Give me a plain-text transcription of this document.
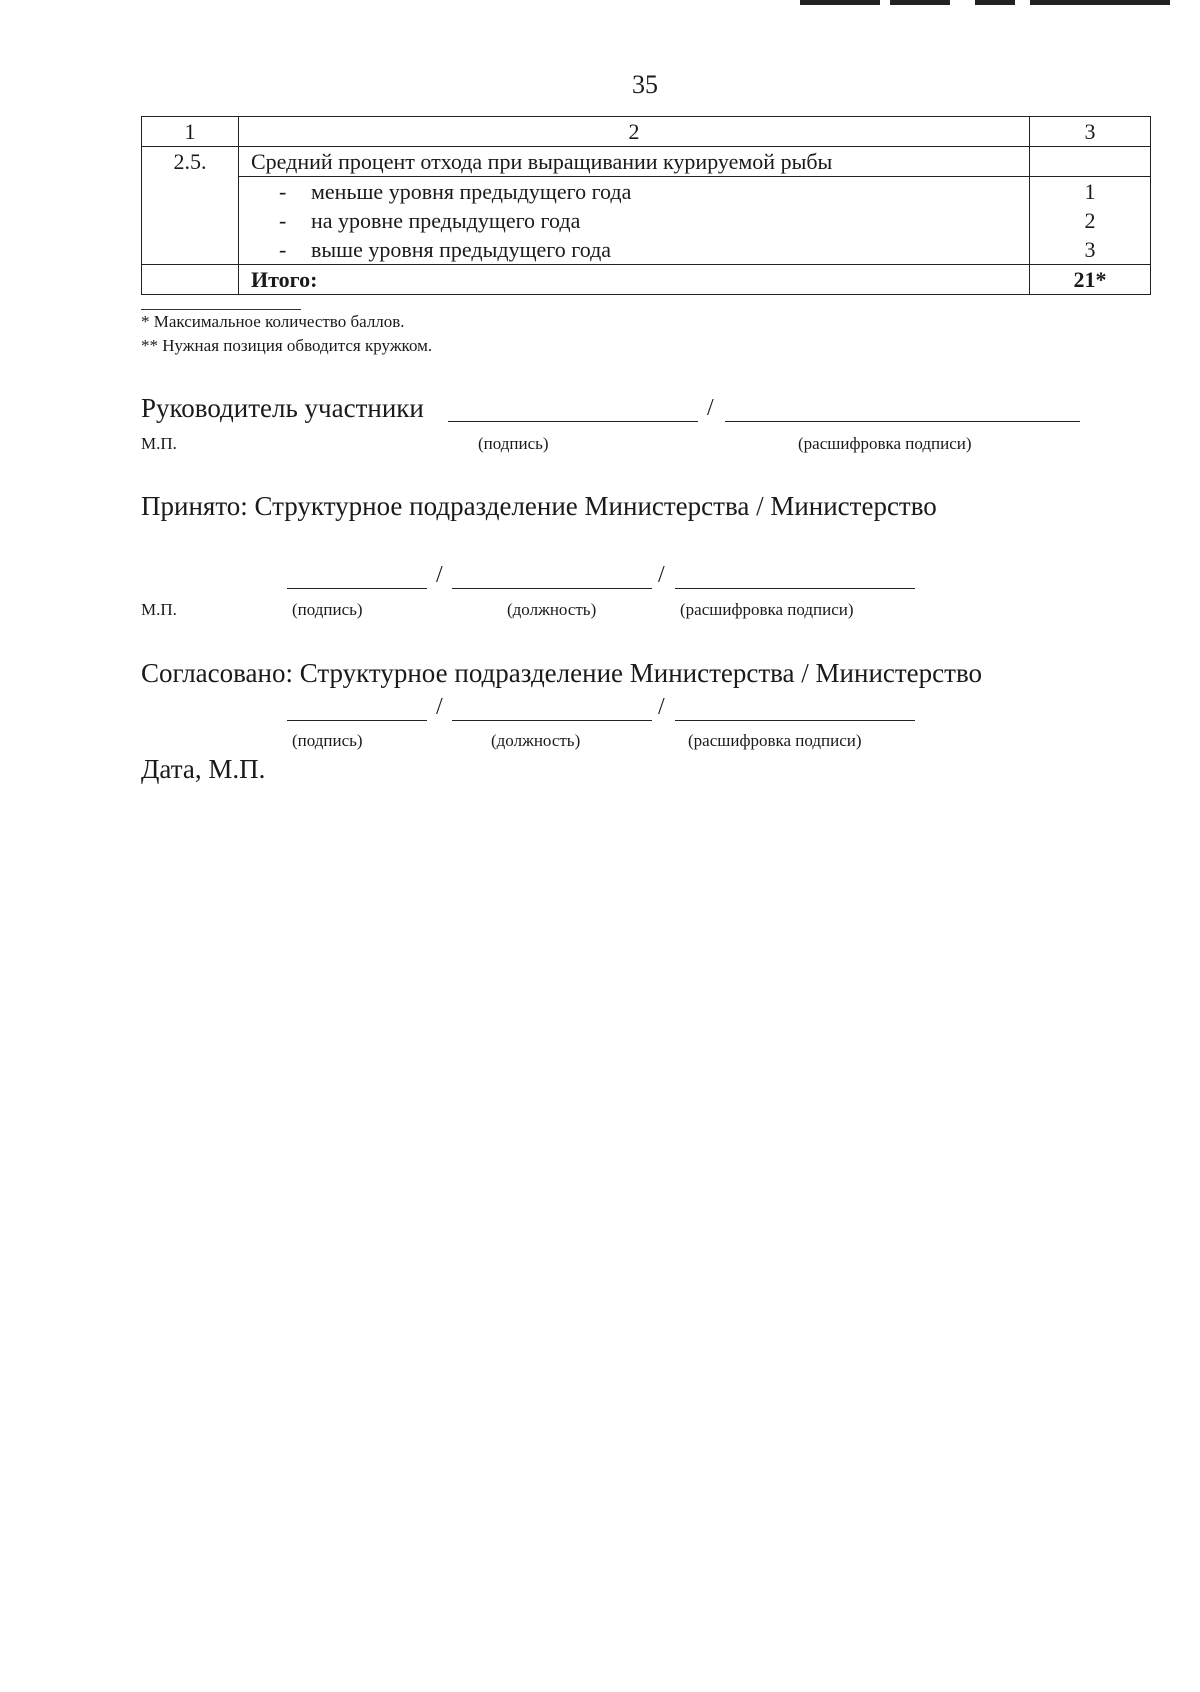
35
1	2	3
2.5.	Средний процент отхода при выращивании курируемой рыбы	
	- меньше уровня предыдущего года	1
	- на уровне предыдущего года	2
	- выше уровня предыдущего года	3
	Итого:	21*
* Максимальное количество баллов.
** Нужная позиция обводится кружком.
Руководитель участники	/
М.П.	(подпись)	(расшифровка подписи)
Принято: Структурное подразделение Министерства / Министерство
/	/
М.П.	(подпись)	(должность)	(расшифровка подписи)
Согласовано: Структурное подразделение Министерства / Министерство
/	/
(подпись)	(должность)	(расшифровка подписи)
Дата, М.П.
